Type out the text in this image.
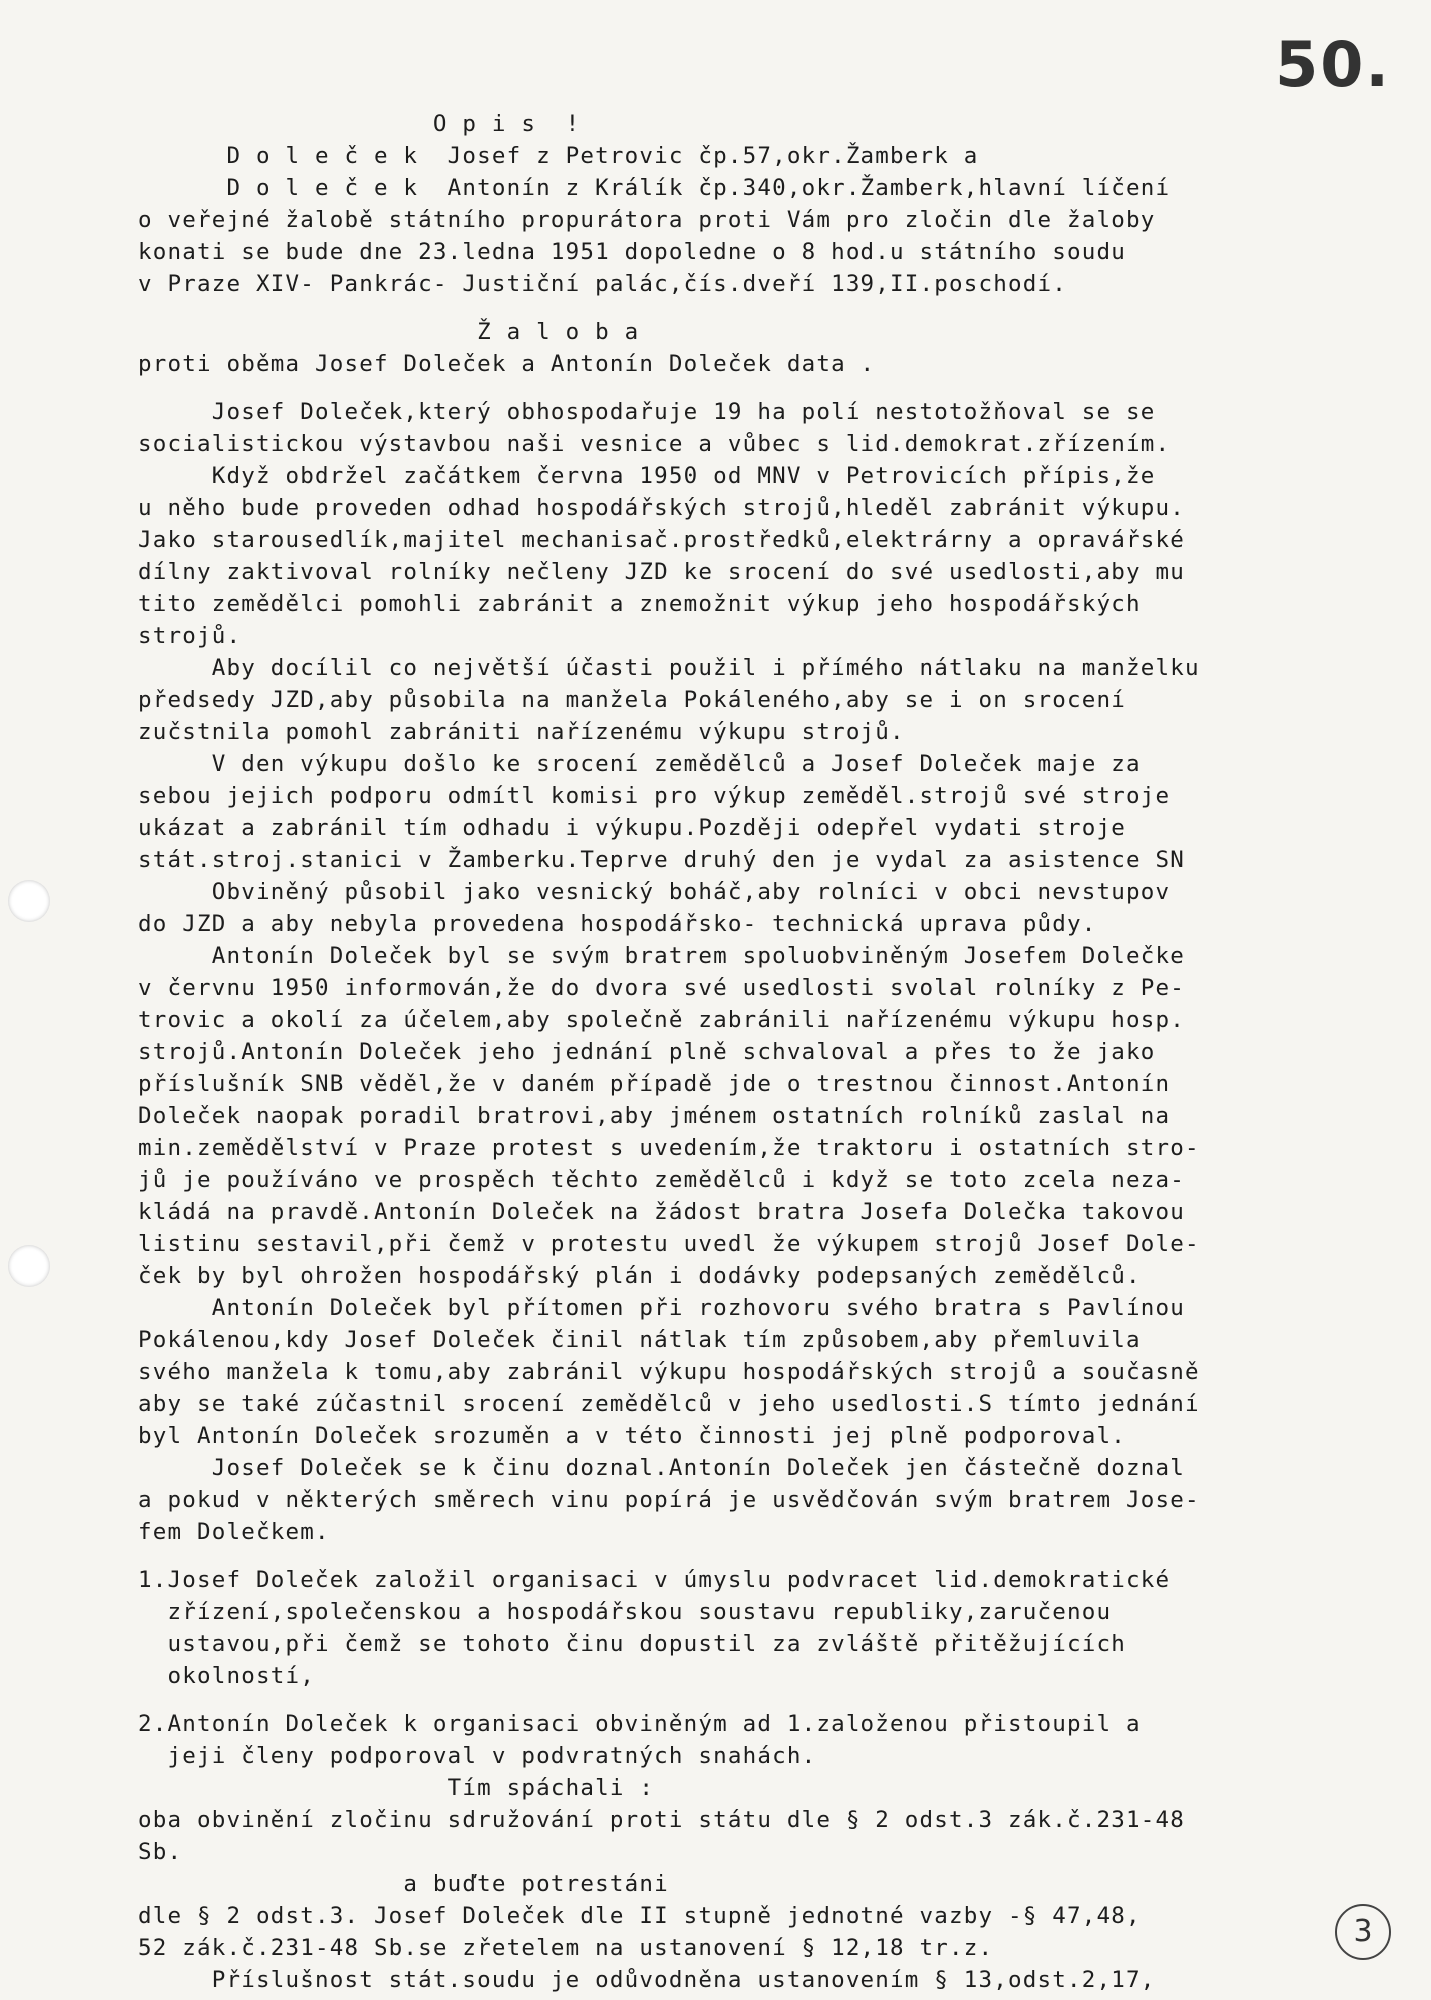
50.
O p i s  !
D o l e č e k  Josef z Petrovic čp.57,okr.Žamberk a
D o l e č e k  Antonín z Králík čp.340,okr.Žamberk,hlavní líčení
o veřejné žalobě státního propurátora proti Vám pro zločin dle žaloby
konati se bude dne 23.ledna 1951 dopoledne o 8 hod.u státního soudu
v Praze XIV- Pankrác- Justiční palác,čís.dveří 139,II.poschodí.
Ž a l o b a
proti oběma Josef Doleček a Antonín Doleček data .
Josef Doleček,který obhospodařuje 19 ha polí nestotožňoval se se
socialistickou výstavbou naši vesnice a vůbec s lid.demokrat.zřízením.
Když obdržel začátkem června 1950 od MNV v Petrovicích přípis,že
u něho bude proveden odhad hospodářských strojů,hleděl zabránit výkupu.
Jako starousedlík,majitel mechanisač.prostředků,elektrárny a opravářské
dílny zaktivoval rolníky nečleny JZD ke srocení do své usedlosti,aby mu
tito zemědělci pomohli zabránit a znemožnit výkup jeho hospodářských
strojů.
Aby docílil co největší účasti použil i přímého nátlaku na manželku
předsedy JZD,aby působila na manžela Pokáleného,aby se i on srocení
zučstnila pomohl zabrániti nařízenému výkupu strojů.
V den výkupu došlo ke srocení zemědělců a Josef Doleček maje za
sebou jejich podporu odmítl komisi pro výkup zeměděl.strojů své stroje
ukázat a zabránil tím odhadu i výkupu.Později odepřel vydati stroje
stát.stroj.stanici v Žamberku.Teprve druhý den je vydal za asistence SN
Obviněný působil jako vesnický boháč,aby rolníci v obci nevstupov
do JZD a aby nebyla provedena hospodářsko- technická uprava půdy.
Antonín Doleček byl se svým bratrem spoluobviněným Josefem Dolečke
v červnu 1950 informován,že do dvora své usedlosti svolal rolníky z Pe-
trovic a okolí za účelem,aby společně zabránili nařízenému výkupu hosp.
strojů.Antonín Doleček jeho jednání plně schvaloval a přes to že jako
příslušník SNB věděl,že v daném případě jde o trestnou činnost.Antonín
Doleček naopak poradil bratrovi,aby jménem ostatních rolníků zaslal na
min.zemědělství v Praze protest s uvedením,že traktoru i ostatních stro-
jů je používáno ve prospěch těchto zemědělců i když se toto zcela neza-
kládá na pravdě.Antonín Doleček na žádost bratra Josefa Dolečka takovou
listinu sestavil,při čemž v protestu uvedl že výkupem strojů Josef Dole-
ček by byl ohrožen hospodářský plán i dodávky podepsaných zemědělců.
Antonín Doleček byl přítomen při rozhovoru svého bratra s Pavlínou
Pokálenou,kdy Josef Doleček činil nátlak tím způsobem,aby přemluvila
svého manžela k tomu,aby zabránil výkupu hospodářských strojů a současně
aby se také zúčastnil srocení zemědělců v jeho usedlosti.S tímto jednání
byl Antonín Doleček srozuměn a v této činnosti jej plně podporoval.
Josef Doleček se k činu doznal.Antonín Doleček jen částečně doznal
a pokud v některých směrech vinu popírá je usvědčován svým bratrem Jose-
fem Dolečkem.
1.Josef Doleček založil organisaci v úmyslu podvracet lid.demokratické
zřízení,společenskou a hospodářskou soustavu republiky,zaručenou
ustavou,při čemž se tohoto činu dopustil za zvláště přitěžujících
okolností,
2.Antonín Doleček k organisaci obviněným ad 1.založenou přistoupil a
jeji členy podporoval v podvratných snahách.
Tím spáchali :
oba obvinění zločinu sdružování proti státu dle § 2 odst.3 zák.č.231-48
Sb.
a buďte potrestáni
dle § 2 odst.3. Josef Doleček dle II stupně jednotné vazby -§ 47,48,
52 zák.č.231-48 Sb.se zřetelem na ustanovení § 12,18 tr.z.
Příslušnost stát.soudu je odůvodněna ustanovením § 13,odst.2,17,
3
